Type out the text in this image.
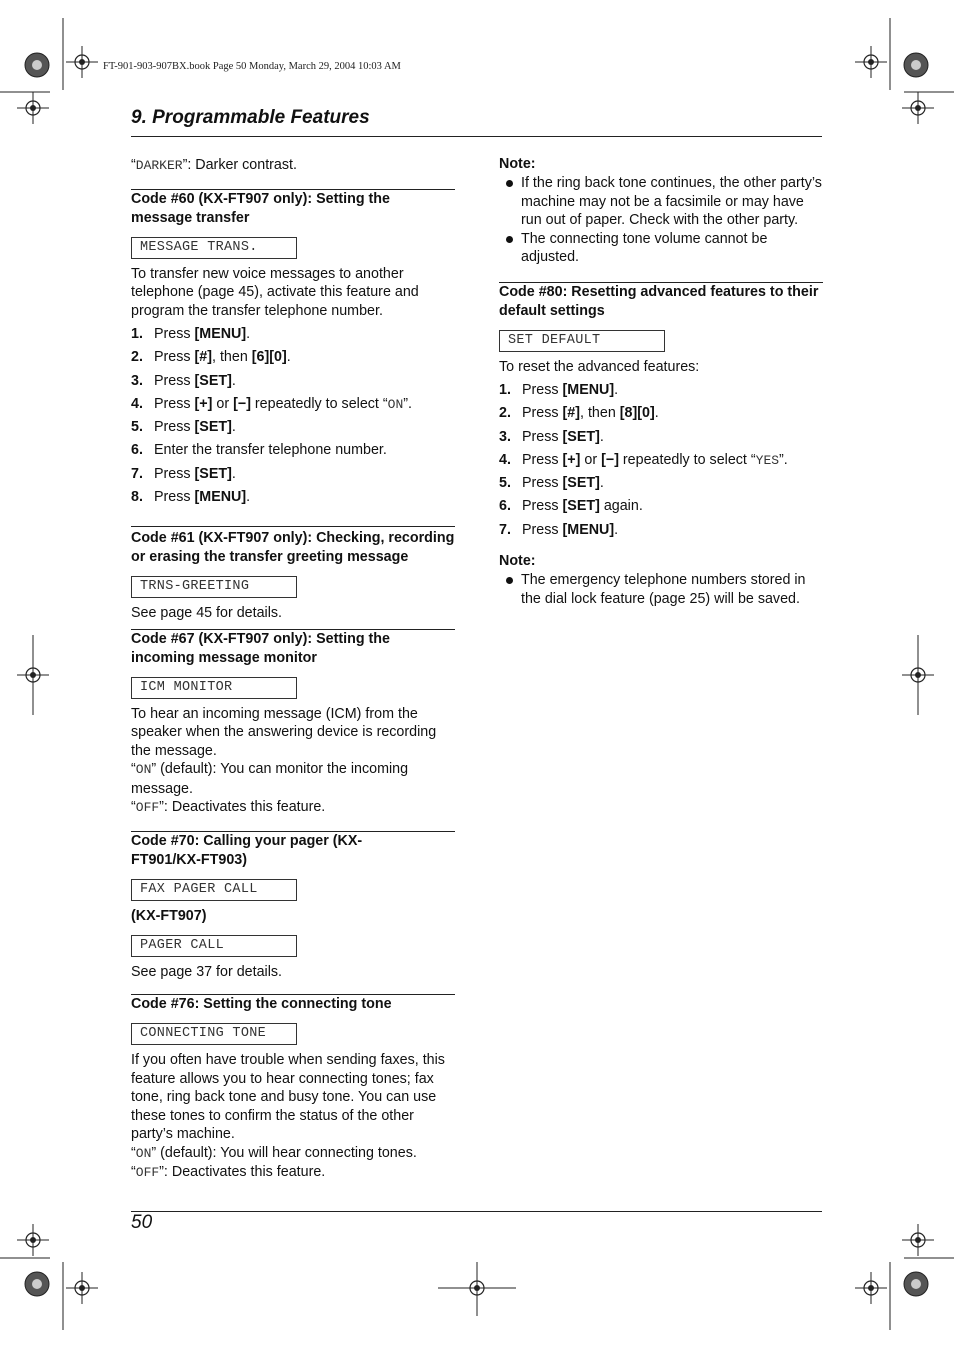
FT-901-903-907BX.book Page 50 Monday, March 29, 2004 10:03 AM
9. Programmable Features

“DARKER”: Darker contrast.

Code #60 (KX-FT907 only): Setting the message transfer

MESSAGE TRANS.

To transfer new voice messages to another telephone (page 45), activate this feature and program the transfer telephone number.

1. Press [MENU].
2. Press [#], then [6][0].
3. Press [SET].
4. Press [+] or [−] repeatedly to select “ON”.
5. Press [SET].
6. Enter the transfer telephone number.
7. Press [SET].
8. Press [MENU].

Code #61 (KX-FT907 only): Checking, recording or erasing the transfer greeting message

TRNS-GREETING

See page 45 for details.

Code #67 (KX-FT907 only): Setting the incoming message monitor

ICM MONITOR

To hear an incoming message (ICM) from the speaker when the answering device is recording the message.

“ON” (default): You can monitor the incoming message.

“OFF”: Deactivates this feature.

Code #70: Calling your pager (KX-FT901/KX-FT903)

FAX PAGER CALL

(KX-FT907)

PAGER CALL

See page 37 for details.

Code #76: Setting the connecting tone

CONNECTING TONE

If you often have trouble when sending faxes, this feature allows you to hear connecting tones; fax tone, ring back tone and busy tone. You can use these tones to confirm the status of the other party’s machine.

“ON” (default): You will hear connecting tones.

“OFF”: Deactivates this feature.

Note:

If the ring back tone continues, the other party’s machine may not be a facsimile or may have run out of paper. Check with the other party.
The connecting tone volume cannot be adjusted.

Code #80: Resetting advanced features to their default settings

SET DEFAULT

To reset the advanced features:

1. Press [MENU].
2. Press [#], then [8][0].
3. Press [SET].
4. Press [+] or [−] repeatedly to select “YES”.
5. Press [SET].
6. Press [SET] again.
7. Press [MENU].

Note:

The emergency telephone numbers stored in the dial lock feature (page 25) will be saved.
50
